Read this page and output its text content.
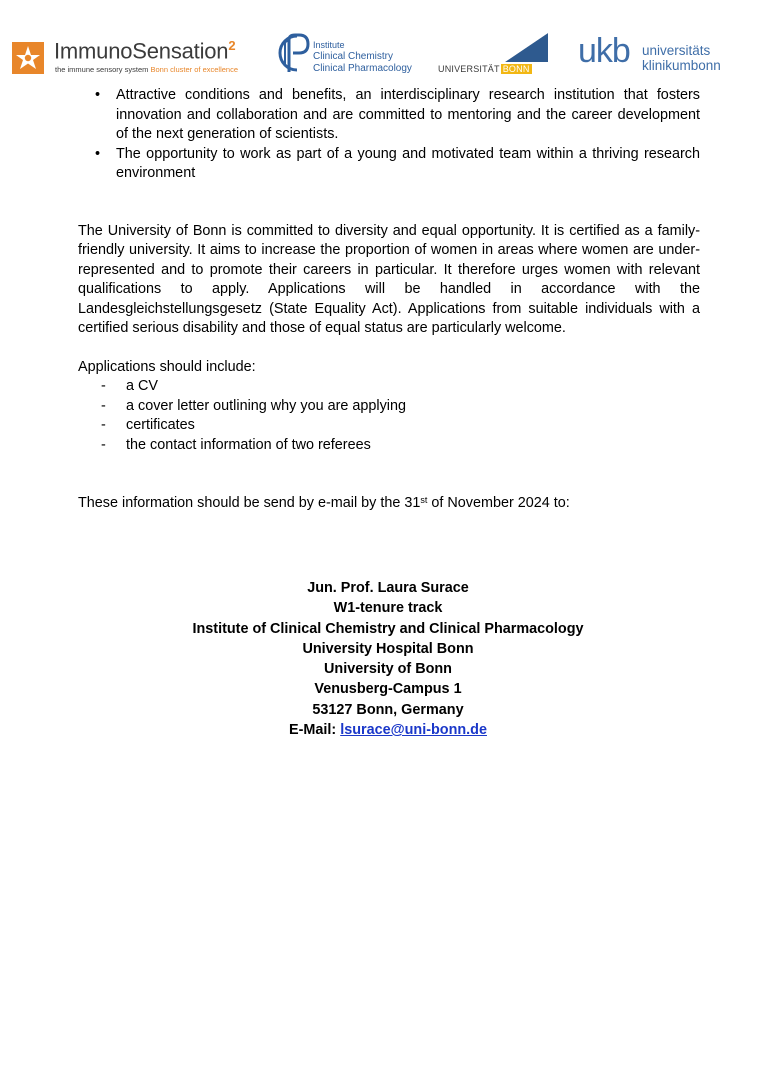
ImmunoSensation$^2$
the immune sensory system Bonn cluster of excellence
Institute
Clinical Chemistry
Clinical Pharmacology	UNIVERSITÄT BONN ukb universitäts
klinikumbonn
• Attractive conditions and benefits, an interdisciplinary research institution that fosters innovation and collaboration and are committed to mentoring and the career development of the next generation of scientists.
• The opportunity to work as part of a young and motivated team within a thriving research environment

The University of Bonn is committed to diversity and equal opportunity. It is certified as a family-friendly university. It aims to increase the proportion of women in areas where women are under-represented and to promote their careers in particular. It therefore urges women with relevant qualifications to apply. Applications will be handled in accordance with the Landesgleichstellungsgesetz (State Equality Act). Applications from suitable individuals with a certified serious disability and those of equal status are particularly welcome.

Applications should include:
- a CV
- a cover letter outlining why you are applying
- certificates
- the contact information of two referees
These information should be send by e-mail by the 31st of November 2024 to:
Jun. Prof. Laura Surace
W1-tenure track
Institute of Clinical Chemistry and Clinical Pharmacology
University Hospital Bonn
University of Bonn
Venusberg-Campus 1
53127 Bonn, Germany
E-Mail: lsurace@uni-bonn.de
